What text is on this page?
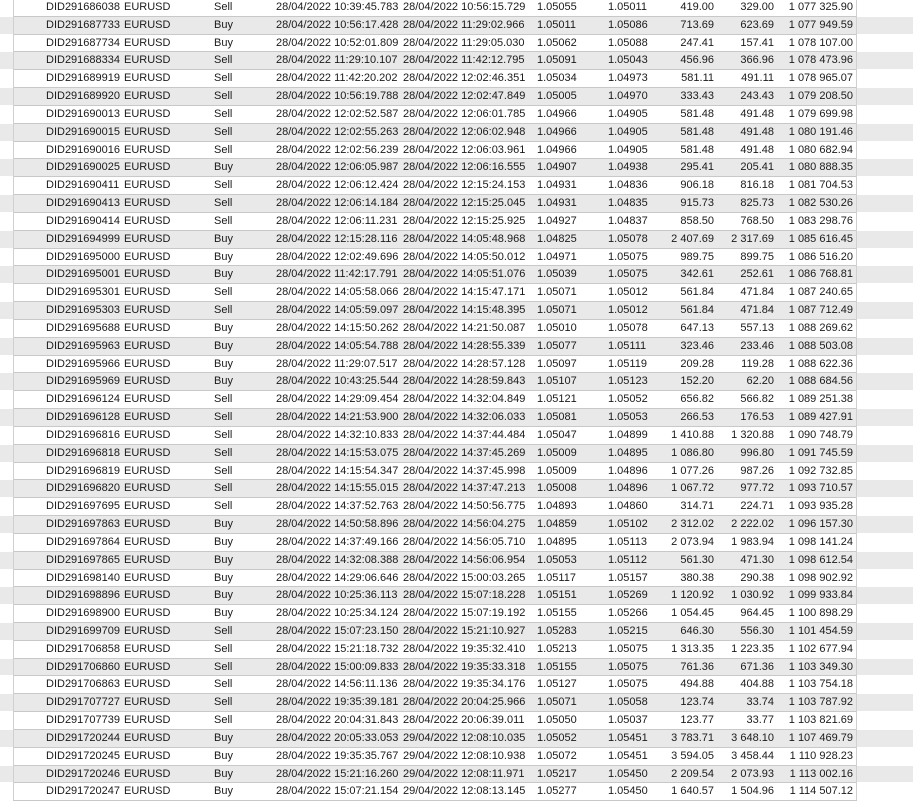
DID291686038 EURUSD	Sell	28/04/2022 10:39:45.783 28/04/2022 10:56:15.729 1.05055	1.05011	419.00 329.00 1 077 325.90
DID291687733 EURUSD	Buy	28/04/2022 10:56:17.428 28/04/2022 11:29:02.966 1.05011	1.05086	713.69 623.69 1 077 949.59
DID291687734 EURUSD	Buy	28/04/2022 10:52:01.809 28/04/2022 11:29:05.030 1.05062	1.05088	247.41 157.41 1 078 107.00
DID291688334 EURUSD	Sell	28/04/2022 11:29:10.107 28/04/2022 11:42:12.795 1.05091	1.05043	456.96 366.96 1 078 473.96
DID291689919 EURUSD	Sell	28/04/2022 11:42:20.202 28/04/2022 12:02:46.351 1.05034	1.04973	581.11 491.11 1 078 965.07
DID291689920 EURUSD	Sell	28/04/2022 10:56:19.788 28/04/2022 12:02:47.849 1.05005	1.04970	333.43 243.43 1 079 208.50
DID291690013 EURUSD	Sell	28/04/2022 12:02:52.587 28/04/2022 12:06:01.785 1.04966	1.04905	581.48 491.48 1 079 699.98
DID291690015 EURUSD	Sell	28/04/2022 12:02:55.263 28/04/2022 12:06:02.948 1.04966	1.04905	581.48 491.48 1 080 191.46
DID291690016 EURUSD	Sell	28/04/2022 12:02:56.239 28/04/2022 12:06:03.961 1.04966	1.04905	581.48 491.48 1 080 682.94
DID291690025 EURUSD	Buy	28/04/2022 12:06:05.987 28/04/2022 12:06:16.555 1.04907	1.04938	295.41 205.41 1 080 888.35
DID291690411 EURUSD	Sell	28/04/2022 12:06:12.424 28/04/2022 12:15:24.153 1.04931	1.04836	906.18 816.18 1 081 704.53
DID291690413 EURUSD	Sell	28/04/2022 12:06:14.184 28/04/2022 12:15:25.045 1.04931	1.04835	915.73 825.73 1 082 530.26
DID291690414 EURUSD	Sell	28/04/2022 12:06:11.231 28/04/2022 12:15:25.925 1.04927	1.04837	858.50 768.50 1 083 298.76
DID291694999 EURUSD	Buy	28/04/2022 12:15:28.116 28/04/2022 14:05:48.968 1.04825	1.05078 2 407.69 2 317.69 1 085 616.45
DID291695000 EURUSD	Buy	28/04/2022 12:02:49.696 28/04/2022 14:05:50.012 1.04971	1.05075	989.75 899.75 1 086 516.20
DID291695001 EURUSD	Buy	28/04/2022 11:42:17.791 28/04/2022 14:05:51.076 1.05039	1.05075	342.61 252.61 1 086 768.81
DID291695301 EURUSD	Sell	28/04/2022 14:05:58.066 28/04/2022 14:15:47.171 1.05071	1.05012	561.84 471.84 1 087 240.65
DID291695303 EURUSD	Sell	28/04/2022 14:05:59.097 28/04/2022 14:15:48.395 1.05071	1.05012	561.84 471.84 1 087 712.49
DID291695688 EURUSD	Buy	28/04/2022 14:15:50.262 28/04/2022 14:21:50.087 1.05010	1.05078	647.13 557.13 1 088 269.62
DID291695963 EURUSD	Buy	28/04/2022 14:05:54.788 28/04/2022 14:28:55.339 1.05077	1.05111	323.46 233.46 1 088 503.08
DID291695966 EURUSD	Buy	28/04/2022 11:29:07.517 28/04/2022 14:28:57.128 1.05097	1.05119	209.28 119.28 1 088 622.36
DID291695969 EURUSD	Buy	28/04/2022 10:43:25.544 28/04/2022 14:28:59.843 1.05107	1.05123	152.20	62.20 1 088 684.56
DID291696124 EURUSD	Sell	28/04/2022 14:29:09.454 28/04/2022 14:32:04.849 1.05121	1.05052	656.82 566.82 1 089 251.38
DID291696128 EURUSD	Sell	28/04/2022 14:21:53.900 28/04/2022 14:32:06.033 1.05081	1.05053	266.53 176.53 1 089 427.91
DID291696816 EURUSD	Sell	28/04/2022 14:32:10.833 28/04/2022 14:37:44.484 1.05047	1.04899 1 410.88 1 320.88 1 090 748.79
DID291696818 EURUSD	Sell	28/04/2022 14:15:53.075 28/04/2022 14:37:45.269 1.05009	1.04895 1 086.80 996.80 1 091 745.59
DID291696819 EURUSD	Sell	28/04/2022 14:15:54.347 28/04/2022 14:37:45.998 1.05009	1.04896 1 077.26 987.26 1 092 732.85
DID291696820 EURUSD	Sell	28/04/2022 14:15:55.015 28/04/2022 14:37:47.213 1.05008	1.04896 1 067.72 977.72 1 093 710.57
DID291697695 EURUSD	Sell	28/04/2022 14:37:52.763 28/04/2022 14:50:56.775 1.04893	1.04860	314.71 224.71 1 093 935.28
DID291697863 EURUSD	Buy	28/04/2022 14:50:58.896 28/04/2022 14:56:04.275 1.04859	1.05102 2 312.02 2 222.02 1 096 157.30
DID291697864 EURUSD	Buy	28/04/2022 14:37:49.166 28/04/2022 14:56:05.710 1.04895	1.05113 2 073.94 1 983.94 1 098 141.24
DID291697865 EURUSD	Buy	28/04/2022 14:32:08.388 28/04/2022 14:56:06.954 1.05053	1.05112	561.30 471.30 1 098 612.54
DID291698140 EURUSD	Buy	28/04/2022 14:29:06.646 28/04/2022 15:00:03.265 1.05117	1.05157	380.38 290.38 1 098 902.92
DID291698896 EURUSD	Buy	28/04/2022 10:25:36.113 28/04/2022 15:07:18.228 1.05151	1.05269 1 120.92 1 030.92 1 099 933.84
DID291698900 EURUSD	Buy	28/04/2022 10:25:34.124 28/04/2022 15:07:19.192 1.05155	1.05266 1 054.45 964.45 1 100 898.29
DID291699709 EURUSD	Sell	28/04/2022 15:07:23.150 28/04/2022 15:21:10.927 1.05283	1.05215	646.30 556.30 1 101 454.59
DID291706858 EURUSD	Sell	28/04/2022 15:21:18.732 28/04/2022 19:35:32.410 1.05213	1.05075 1 313.35 1 223.35 1 102 677.94
DID291706860 EURUSD	Sell	28/04/2022 15:00:09.833 28/04/2022 19:35:33.318 1.05155	1.05075	761.36 671.36 1 103 349.30
DID291706863 EURUSD	Sell	28/04/2022 14:56:11.136 28/04/2022 19:35:34.176 1.05127	1.05075	494.88 404.88 1 103 754.18
DID291707727 EURUSD	Sell	28/04/2022 19:35:39.181 28/04/2022 20:04:25.966 1.05071	1.05058	123.74	33.74 1 103 787.92
DID291707739 EURUSD	Sell	28/04/2022 20:04:31.843 28/04/2022 20:06:39.011 1.05050	1.05037	123.77	33.77 1 103 821.69
DID291720244 EURUSD	Buy	28/04/2022 20:05:33.053 29/04/2022 12:08:10.035 1.05052	1.05451 3 783.71 3 648.10 1 107 469.79
DID291720245 EURUSD	Buy	28/04/2022 19:35:35.767 29/04/2022 12:08:10.938 1.05072	1.05451 3 594.05 3 458.44 1 110 928.23
DID291720246 EURUSD	Buy	28/04/2022 15:21:16.260 29/04/2022 12:08:11.971 1.05217	1.05450 2 209.54 2 073.93 1 113 002.16
DID291720247 EURUSD	Buy	28/04/2022 15:07:21.154 29/04/2022 12:08:13.145 1.05277	1.05450 1 640.57 1 504.96 1 114 507.12
